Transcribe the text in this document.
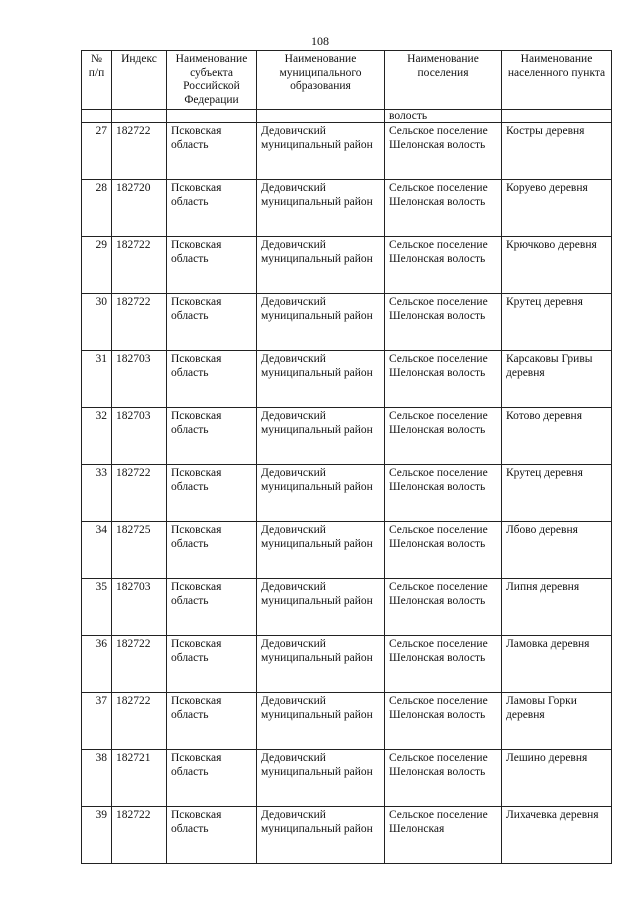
108
№ п/п	Индекс	Наименование субъекта Российской Федерации	Наименование муниципального образования	Наименование поселения	Наименование населенного пункта
				волость	
27	182722	Псковская область	Дедовичский муниципальный район	Сельское поселение Шелонская волость	Костры деревня
28	182720	Псковская область	Дедовичский муниципальный район	Сельское поселение Шелонская волость	Коруево деревня
29	182722	Псковская область	Дедовичский муниципальный район	Сельское поселение Шелонская волость	Крючково деревня
30	182722	Псковская область	Дедовичский муниципальный район	Сельское поселение Шелонская волость	Крутец деревня
31	182703	Псковская область	Дедовичский муниципальный район	Сельское поселение Шелонская волость	Карсаковы Гривы деревня
32	182703	Псковская область	Дедовичский муниципальный район	Сельское поселение Шелонская волость	Котово деревня
33	182722	Псковская область	Дедовичский муниципальный район	Сельское поселение Шелонская волость	Крутец деревня
34	182725	Псковская область	Дедовичский муниципальный район	Сельское поселение Шелонская волость	Лбово деревня
35	182703	Псковская область	Дедовичский муниципальный район	Сельское поселение Шелонская волость	Липня деревня
36	182722	Псковская область	Дедовичский муниципальный район	Сельское поселение Шелонская волость	Ламовка деревня
37	182722	Псковская область	Дедовичский муниципальный район	Сельское поселение Шелонская волость	Ламовы Горки деревня
38	182721	Псковская область	Дедовичский муниципальный район	Сельское поселение Шелонская волость	Лешино деревня
39	182722	Псковская область	Дедовичский муниципальный район	Сельское поселение Шелонская	Лихачевка деревня
